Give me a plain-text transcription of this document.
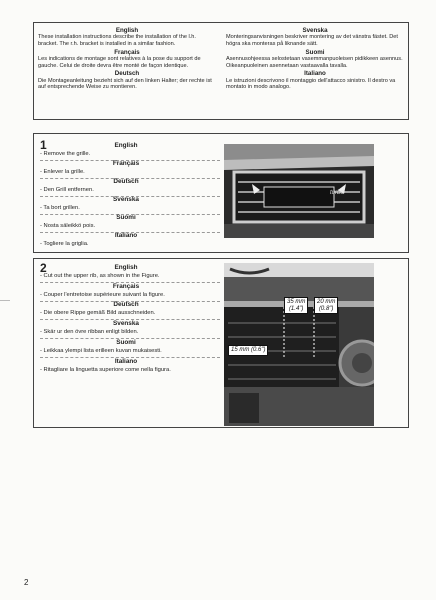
English

These installation instructions describe the installation of the l.h. bracket. The r.h. bracket is installed in a similar fashion.

Français

Les indications de montage sont relatives à la pose du support de gauche. Celui de droite devra être monté de façon identique.

Deutsch

Die Montageanleitung bezieht sich auf den linken Halter; der rechte ist auf entsprechende Weise zu montieren.

Svenska

Monteringsanvisningen beskriver montering av det vänstra fästet. Det högra ska monteras på liknande sätt.

Suomi

Asennusohjeessa selostetaan vasemmanpuoleisen pidikkeen asennus. Oikeanpuoleinen asennetaan vastaavalla tavalla.

Italiano

Le istruzioni descrivono il montaggio dell'attacco sinistro. Il destro va montato in modo analogo.

1	English
- Remove the grille.
Français
- Enlever la grille.
Deutsch
- Den Grill entfernen.
Svenska
- Ta bort grillen.
Suomi
- Nosta säleikkö pois.
Italiano
- Togliere la griglia.
turbo
2	English
- Cut out the upper rib, as shown in the Figure.
Français
- Couper l'entretoise supérieure suivant la figure.
Deutsch
- Die obere Rippe gemäß Bild ausschneiden.
Svenska
- Skär ur den övre ribban enligt bilden.
Suomi
- Leikkaa ylempi lista erilleen kuvan mukaisesti.
Italiano
- Ritagliare la linguetta superiore come nella figura.
35 mm
(1.4")
20 mm
(0.8")
15 mm (0.6")
2
